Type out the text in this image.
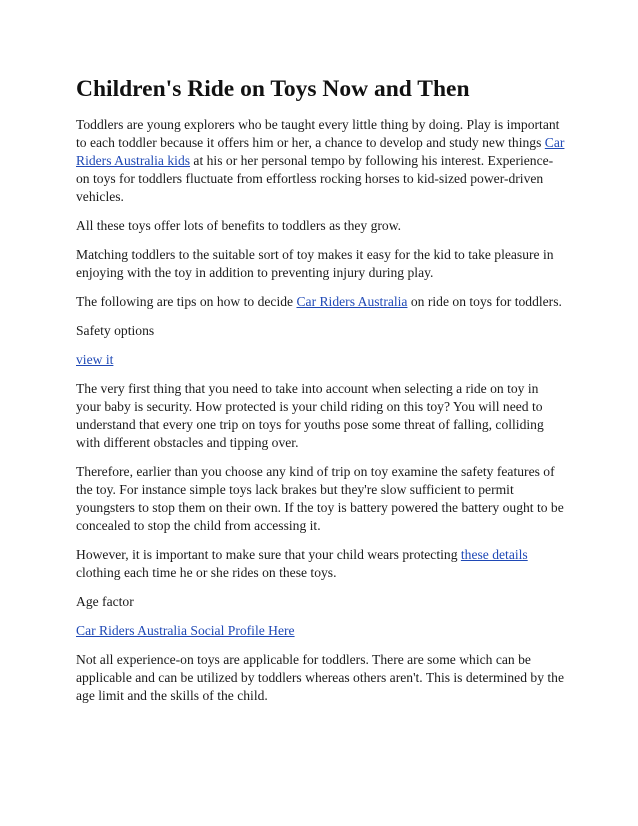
Children's Ride on Toys Now and Then

Toddlers are young explorers who be taught every little thing by doing. Play is important to each toddler because it offers him or her, a chance to develop and study new things Car Riders Australia kids at his or her personal tempo by following his interest. Experience-on toys for toddlers fluctuate from effortless rocking horses to kid-sized power-driven vehicles.

All these toys offer lots of benefits to toddlers as they grow.

Matching toddlers to the suitable sort of toy makes it easy for the kid to take pleasure in enjoying with the toy in addition to preventing injury during play.

The following are tips on how to decide Car Riders Australia on ride on toys for toddlers.

Safety options

view it

The very first thing that you need to take into account when selecting a ride on toy in your baby is security. How protected is your child riding on this toy? You will need to understand that every one trip on toys for youths pose some threat of falling, colliding with different obstacles and tipping over.

Therefore, earlier than you choose any kind of trip on toy examine the safety features of the toy. For instance simple toys lack brakes but they're slow sufficient to permit youngsters to stop them on their own. If the toy is battery powered the battery ought to be concealed to stop the child from accessing it.

However, it is important to make sure that your child wears protecting these details clothing each time he or she rides on these toys.

Age factor

Car Riders Australia Social Profile Here

Not all experience-on toys are applicable for toddlers. There are some which can be applicable and can be utilized by toddlers whereas others aren't. This is determined by the age limit and the skills of the child.
